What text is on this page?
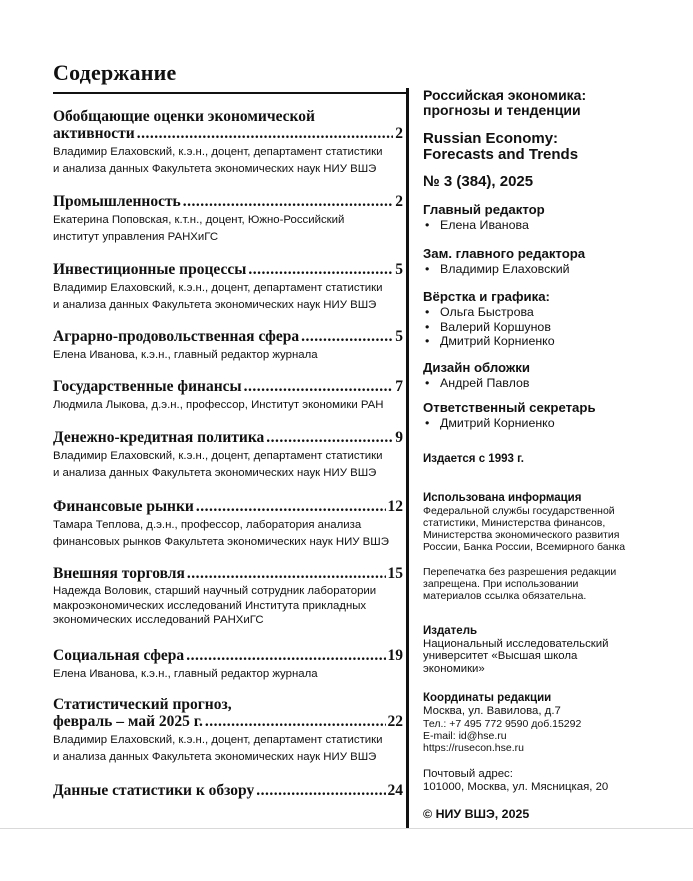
Содержание
Обобщающие оценки экономической
активности .....	2
Владимир Елаховский, к.э.н., доцент, департамент статистики
и анализа данных Факультета экономических наук НИУ ВШЭ
Промышленность .....	2
Екатерина Поповская, к.т.н., доцент, Южно-Российский
институт управления РАНХиГС
Инвестиционные процессы .....	5
Владимир Елаховский, к.э.н., доцент, департамент статистики
и анализа данных Факультета экономических наук НИУ ВШЭ
Аграрно-продовольственная сфера .....	5
Елена Иванова, к.э.н., главный редактор журнала
Государственные финансы .....	7
Людмила Лыкова, д.э.н., профессор, Институт экономики РАН
Денежно-кредитная политика .....	9
Владимир Елаховский, к.э.н., доцент, департамент статистики
и анализа данных Факультета экономических наук НИУ ВШЭ
Финансовые рынки .....	12
Тамара Теплова, д.э.н., профессор, лаборатория анализа
финансовых рынков Факультета экономических наук НИУ ВШЭ
Внешняя торговля .....	15
Надежда Воловик, старший научный сотрудник лаборатории
макроэкономических исследований Института прикладных
экономических исследований РАНХиГС
Социальная сфера .....	19
Елена Иванова, к.э.н., главный редактор журнала
Статистический прогноз,
февраль – май 2025 г. .....	22
Владимир Елаховский, к.э.н., доцент, департамент статистики
и анализа данных Факультета экономических наук НИУ ВШЭ
Данные статистики к обзору .....	24
Российская экономика:
прогнозы и тенденции
Russian Economy:
Forecasts and Trends
№ 3 (384), 2025
Главный редактор
• Елена Иванова
Зам. главного редактора
• Владимир Елаховский
Вёрстка и графика:
• Ольга Быстрова
• Валерий Коршунов
• Дмитрий Корниенко
Дизайн обложки
• Андрей Павлов
Ответственный секретарь
• Дмитрий Корниенко
Издается с 1993 г.
Использована информация
Федеральной службы государственной
статистики, Министерства финансов,
Министерства экономического развития
России, Банка России, Всемирного банка
Перепечатка без разрешения редакции
запрещена. При использовании
материалов ссылка обязательна.
Издатель
Национальный исследовательский
университет «Высшая школа
экономики»
Координаты редакции
Москва, ул. Вавилова, д.7
Тел.: +7 495 772 9590 доб.15292
E-mail: id@hse.ru
https://rusecon.hse.ru
Почтовый адрес:
101000, Москва, ул. Мясницкая, 20
© НИУ ВШЭ, 2025
